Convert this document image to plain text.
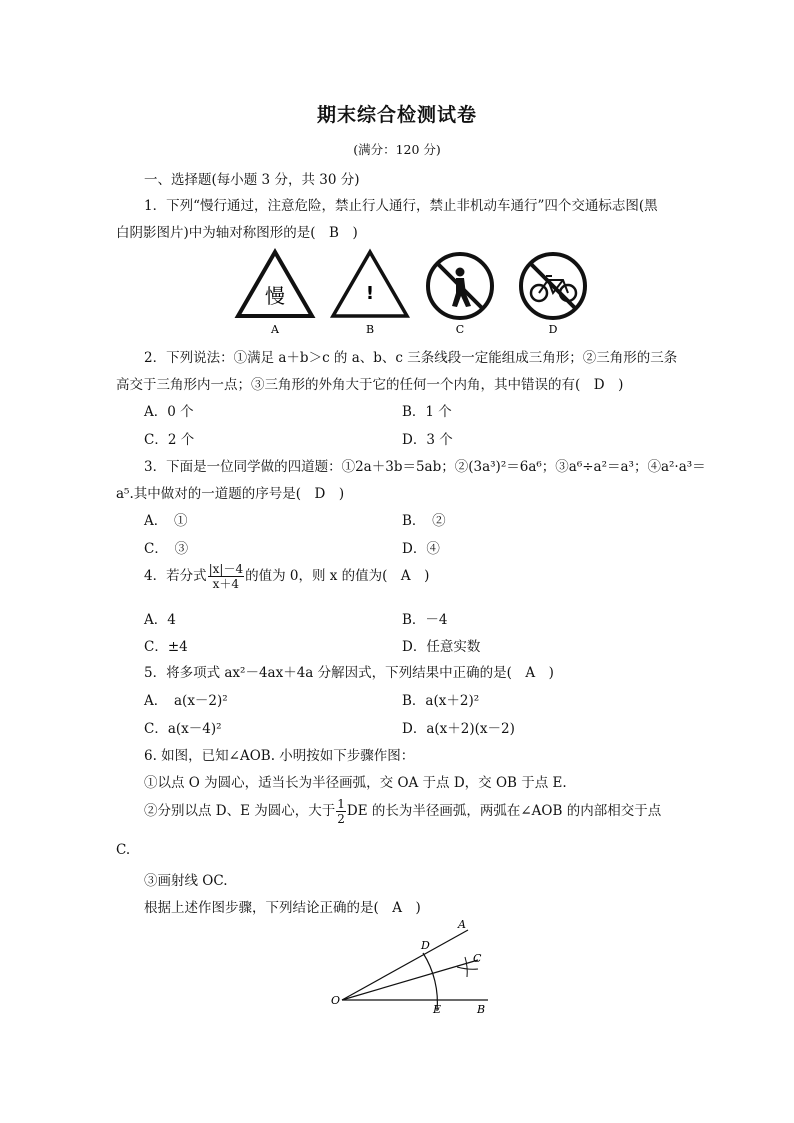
期末综合检测试卷
(满分：120 分)
一、选择题(每小题 3 分，共 30 分)
1．下列“慢行通过，注意危险，禁止行人通行，禁止非机动车通行”四个交通标志图(黑
白阴影图片)中为轴对称图形的是(　B　)
慢	!
A	B	C	D
2．下列说法：①满足 a＋b＞c 的 a、b、c 三条线段一定能组成三角形；②三角形的三条
高交于三角形内一点；③三角形的外角大于它的任何一个内角，其中错误的有(　D　)
A．0 个	B．1 个
C．2 个	D．3 个
3．下面是一位同学做的四道题：①2a＋3b＝5ab；②(3a³)²＝6a⁶；③a⁶÷a²＝a³；④a²·a³＝
a⁵.其中做对的一道题的序号是(　D　)
A．　①	B．　②
C．　③	D．④
4．若分式 $\frac{|x|-4}{x+4}$ 的值为 0，则 x 的值为(　A　)
A．4	B．－4
C．±4	D．任意实数
5．将多项式 ax²－4ax＋4a 分解因式，下列结果中正确的是(　A　)
A．　a(x－2)²	B．a(x＋2)²
C．a(x－4)²	D．a(x＋2)(x－2)
6. 如图，已知∠AOB. 小明按如下步骤作图：
①以点 O 为圆心，适当长为半径画弧，交 OA 于点 D，交 OB 于点 E.
②分别以点 D、E 为圆心，大于 $\frac{1}{2}$ DE 的长为半径画弧，两弧在∠AOB 的内部相交于点
C.
③画射线 OC.
根据上述作图步骤，下列结论正确的是(　A　)
A
C
D
O
E	B
